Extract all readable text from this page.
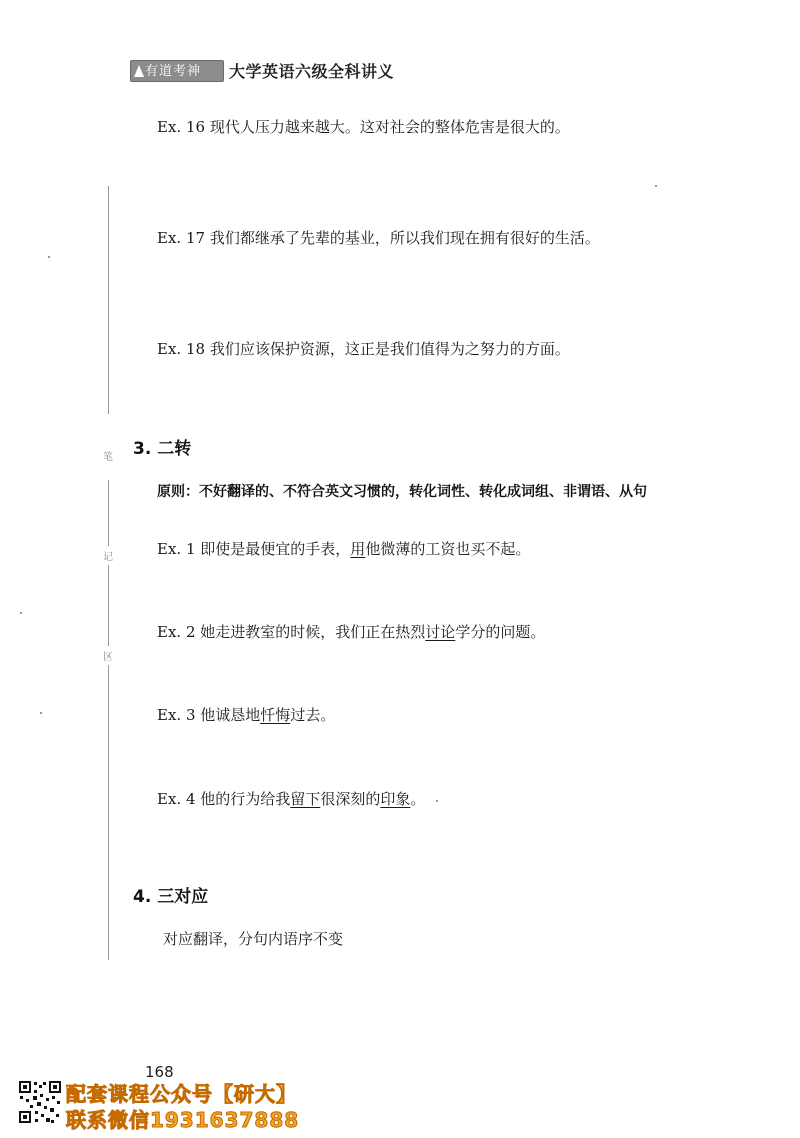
有道考神	大学英语六级全科讲义
笔
记
区
Ex. 16 现代人压力越来越大。这对社会的整体危害是很大的。
Ex. 17 我们都继承了先辈的基业，所以我们现在拥有很好的生活。
Ex. 18 我们应该保护资源，这正是我们值得为之努力的方面。
3. 二转
原则：不好翻译的、不符合英文习惯的，转化词性、转化成词组、非谓语、从句
Ex. 1 即使是最便宜的手表，用他微薄的工资也买不起。
Ex. 2 她走进教室的时候，我们正在热烈讨论学分的问题。
Ex. 3 他诚恳地忏悔过去。
Ex. 4 他的行为给我留下很深刻的印象。
4. 三对应
对应翻译，分句内语序不变
168
配套课程公众号【研大】
联系微信1931637888
